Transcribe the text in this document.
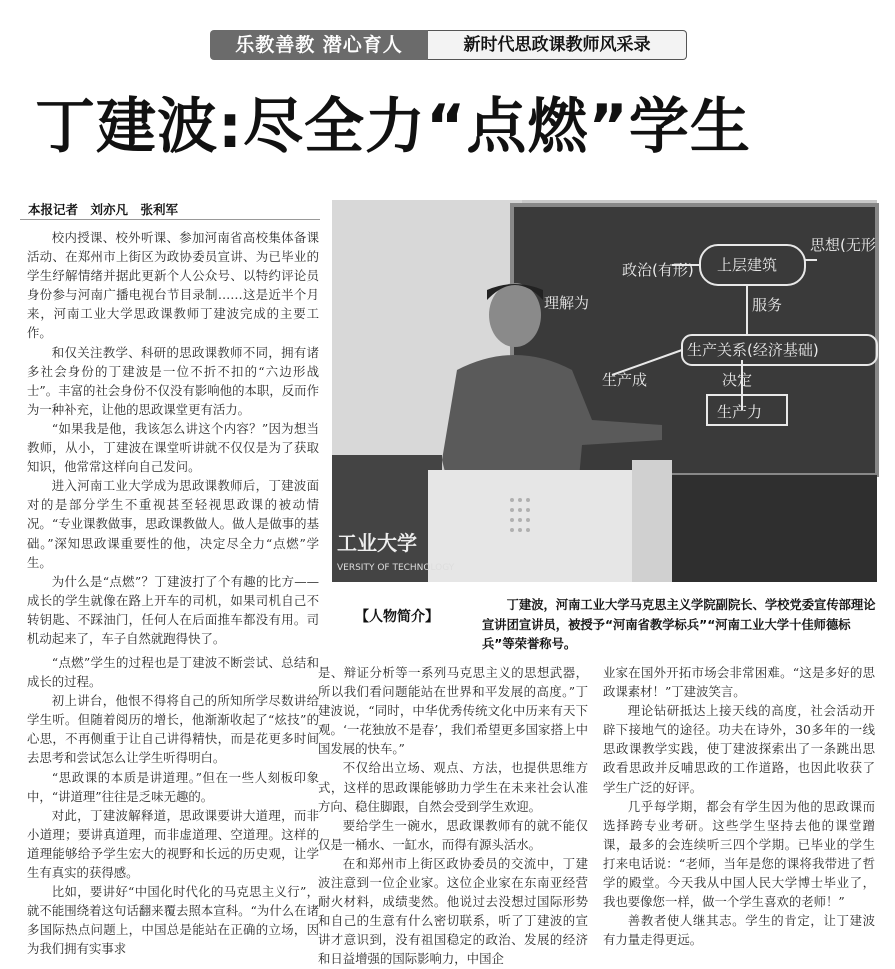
乐教善教 潜心育人	新时代思政课教师风采录
丁建波:尽全力“点燃”学生
本报记者　刘亦凡　张利军

校内授课、校外听课、参加河南省高校集体备课活动、在郑州市上街区为政协委员宣讲、为已毕业的学生纾解情绪并据此更新个人公众号、以特约评论员身份参与河南广播电视台节目录制……这是近半个月来，河南工业大学思政课教师丁建波完成的主要工作。

和仅关注教学、科研的思政课教师不同，拥有诸多社会身份的丁建波是一位不折不扣的“六边形战士”。丰富的社会身份不仅没有影响他的本职，反而作为一种补充，让他的思政课堂更有活力。

“如果我是他，我该怎么讲这个内容？”因为想当教师，从小，丁建波在课堂听讲就不仅仅是为了获取知识，他常常这样向自己发问。

进入河南工业大学成为思政课教师后，丁建波面对的是部分学生不重视甚至轻视思政课的被动情况。“专业课教做事，思政课教做人。做人是做事的基础。”深知思政课重要性的他，决定尽全力“点燃”学生。

为什么是“点燃”？丁建波打了个有趣的比方——成长的学生就像在路上开车的司机，如果司机自己不转钥匙、不踩油门，任何人在后面推车都没有用。司机动起来了，车子自然就跑得快了。

“点燃”学生的过程也是丁建波不断尝试、总结和成长的过程。

初上讲台，他恨不得将自己的所知所学尽数讲给学生听。但随着阅历的增长，他渐渐收起了“炫技”的心思，不再侧重于让自己讲得精快，而是花更多时间去思考和尝试怎么让学生听得明白。

“思政课的本质是讲道理。”但在一些人刻板印象中，“讲道理”往往是乏味无趣的。

对此，丁建波解释道，思政课要讲大道理，而非小道理；要讲真道理，而非虚道理、空道理。这样的道理能够给予学生宏大的视野和长远的历史观，让学生有真实的获得感。

比如，要讲好“中国化时代化的马克思主义行”，就不能围绕着这句话翻来覆去照本宣科。“为什么在诸多国际热点问题上，中国总是能站在正确的立场，因为我们拥有实事求

上层建筑
思想(无形
政治(有形)
理解为	服务
生产关系(经济基础)
生产成	决定
生产力
工业大学
VERSITY OF TECHNOLOGY
【人物简介】
丁建波，河南工业大学马克思主义学院副院长、学校党委宣传部理论宣讲团宣讲员，被授予“河南省教学标兵”“河南工业大学十佳师德标兵”等荣誉称号。

是、辩证分析等一系列马克思主义的思想武器，所以我们看问题能站在世界和平发展的高度。”丁建波说，“同时，中华优秀传统文化中历来有天下观。‘一花独放不是春’，我们希望更多国家搭上中国发展的快车。”

不仅给出立场、观点、方法，也提供思维方式，这样的思政课能够助力学生在未来社会认准方向、稳住脚跟，自然会受到学生欢迎。

要给学生一碗水，思政课教师有的就不能仅仅是一桶水、一缸水，而得有源头活水。

在和郑州市上街区政协委员的交流中，丁建波注意到一位企业家。这位企业家在东南亚经营耐火材料，成绩斐然。他说过去没想过国际形势和自己的生意有什么密切联系，听了丁建波的宣讲才意识到，没有祖国稳定的政治、发展的经济和日益增强的国际影响力，中国企

业家在国外开拓市场会非常困难。“这是多好的思政课素材！”丁建波笑言。

理论钻研抵达上接天线的高度，社会活动开辟下接地气的途径。功夫在诗外，30多年的一线思政课教学实践，使丁建波探索出了一条跳出思政看思政并反哺思政的工作道路，也因此收获了学生广泛的好评。

几乎每学期，都会有学生因为他的思政课而选择跨专业考研。这些学生坚持去他的课堂蹭课，最多的会连续听三四个学期。已毕业的学生打来电话说：“老师，当年是您的课将我带进了哲学的殿堂。今天我从中国人民大学博士毕业了，我也要像您一样，做一个学生喜欢的老师！”

善教者使人继其志。学生的肯定，让丁建波有力量走得更远。
